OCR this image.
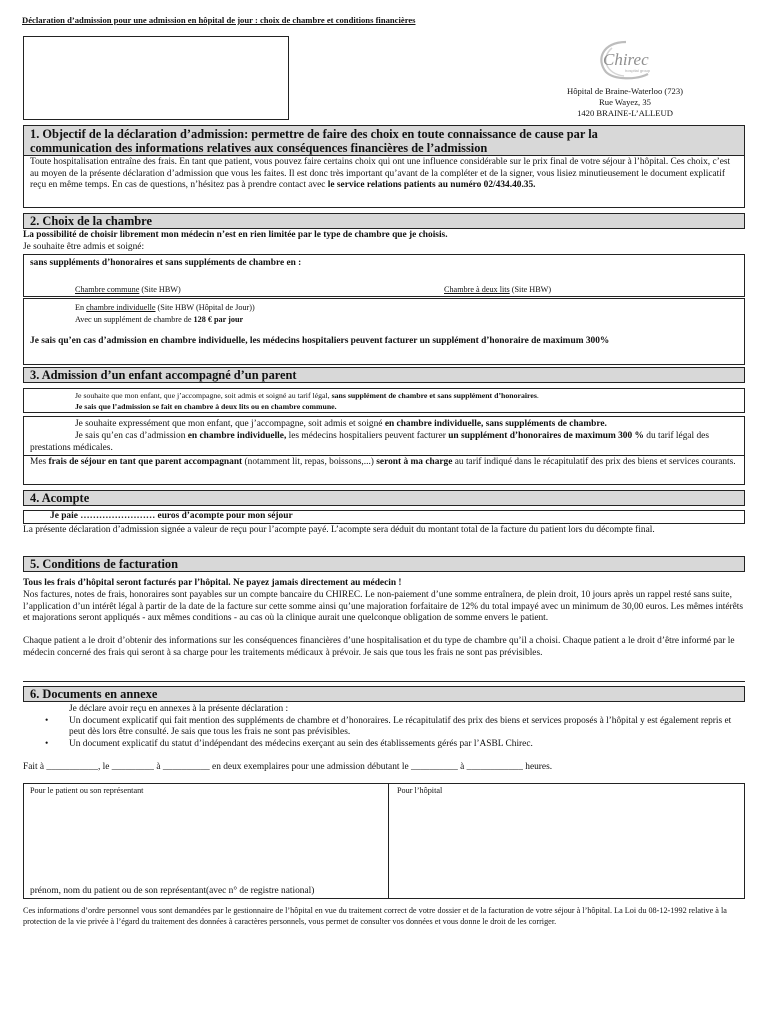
Déclaration d’admission pour une admission en hôpital de jour : choix de chambre et conditions financières
Chirec
hospital group
Hôpital de Braine-Waterloo (723)
Rue Wayez, 35
1420 BRAINE-L’ALLEUD
1. Objectif de la déclaration d’admission: permettre de faire des choix en toute connaissance de cause par la
communication des informations relatives aux conséquences financières de l’admission
Toute hospitalisation entraîne des frais. En tant que patient, vous pouvez faire certains choix qui ont une influence considérable sur le prix final de votre séjour à l’hôpital. Ces choix, c’est au moyen de la présente déclaration d’admission que vous les faites. Il est donc très important qu’avant de la compléter et de la signer, vous lisiez minutieusement le document explicatif reçu en même temps. En cas de questions, n’hésitez pas à prendre contact avec le service relations patients au numéro 02/434.40.35.
2. Choix de la chambre
La possibilité de choisir librement mon médecin n’est en rien limitée par le type de chambre que je choisis.
Je souhaite être admis et soigné:
sans suppléments d’honoraires et sans suppléments de chambre en :
Chambre commune (Site HBW)	Chambre à deux lits (Site HBW)
En chambre individuelle (Site HBW (Hôpital de Jour))
Avec un supplément de chambre de 128 € par jour
Je sais qu’en cas d’admission en chambre individuelle, les médecins hospitaliers peuvent facturer un supplément d’honoraire de maximum 300%
3. Admission d’un enfant accompagné d’un parent
Je souhaite que mon enfant, que j’accompagne, soit admis et soigné au tarif légal, sans supplément de chambre et sans supplément d’honoraires.
Je sais que l’admission se fait en chambre à deux lits ou en chambre commune.
Je souhaite expressément que mon enfant, que j’accompagne, soit admis et soigné en chambre individuelle, sans suppléments de chambre.
Je sais qu’en cas d’admission en chambre individuelle, les médecins hospitaliers peuvent facturer un supplément d’honoraires de maximum 300 % du tarif légal des prestations médicales.
Mes frais de séjour en tant que parent accompagnant (notamment lit, repas, boissons,...) seront à ma charge au tarif indiqué dans le récapitulatif des prix des biens et services courants.
4. Acompte
Je paie …………………… euros d’acompte pour mon séjour
La présente déclaration d’admission signée a valeur de reçu pour l’acompte payé. L’acompte sera déduit du montant total de la facture du patient lors du décompte final.
5. Conditions de facturation
Tous les frais d’hôpital seront facturés par l’hôpital. Ne payez jamais directement au médecin !
Nos factures, notes de frais, honoraires sont payables sur un compte bancaire du CHIREC. Le non-paiement d’une somme entraînera, de plein droit, 10 jours après un rappel resté sans suite, l’application d’un intérêt légal à partir de la date de la facture sur cette somme ainsi qu’une majoration forfaitaire de 12% du total impayé avec un minimum de 30,00 euros. Les mêmes intérêts et majorations seront appliqués - aux mêmes conditions - au cas où la clinique aurait une quelconque obligation de somme envers le patient.
Chaque patient a le droit d’obtenir des informations sur les conséquences financières d’une hospitalisation et du type de chambre qu’il a choisi. Chaque patient a le droit d’être informé par le médecin concerné des frais qui seront à sa charge pour les traitements médicaux à prévoir. Je sais que tous les frais ne sont pas prévisibles.
6. Documents en annexe
Je déclare avoir reçu en annexes à la présente déclaration :
• Un document explicatif qui fait mention des suppléments de chambre et d’honoraires. Le récapitulatif des prix des biens et services proposés à l’hôpital y est également repris et peut dès lors être consulté. Je sais que tous les frais ne sont pas prévisibles.
• Un document explicatif du statut d’indépendant des médecins exerçant au sein des établissements gérés par l’ASBL Chirec.
Fait à ___________, le _________ à __________ en deux exemplaires pour une admission débutant le __________ à ____________ heures.
Pour le patient ou son représentant
prénom, nom du patient ou de son représentant(avec n° de registre national)
Pour l’hôpital
Ces informations d’ordre personnel vous sont demandées par le gestionnaire de l’hôpital en vue du traitement correct de votre dossier et de la facturation de votre séjour à l’hôpital. La Loi du 08-12-1992 relative à la protection de la vie privée à l’égard du traitement des données à caractères personnels, vous permet de consulter vos données et vous donne le droit de les corriger.
